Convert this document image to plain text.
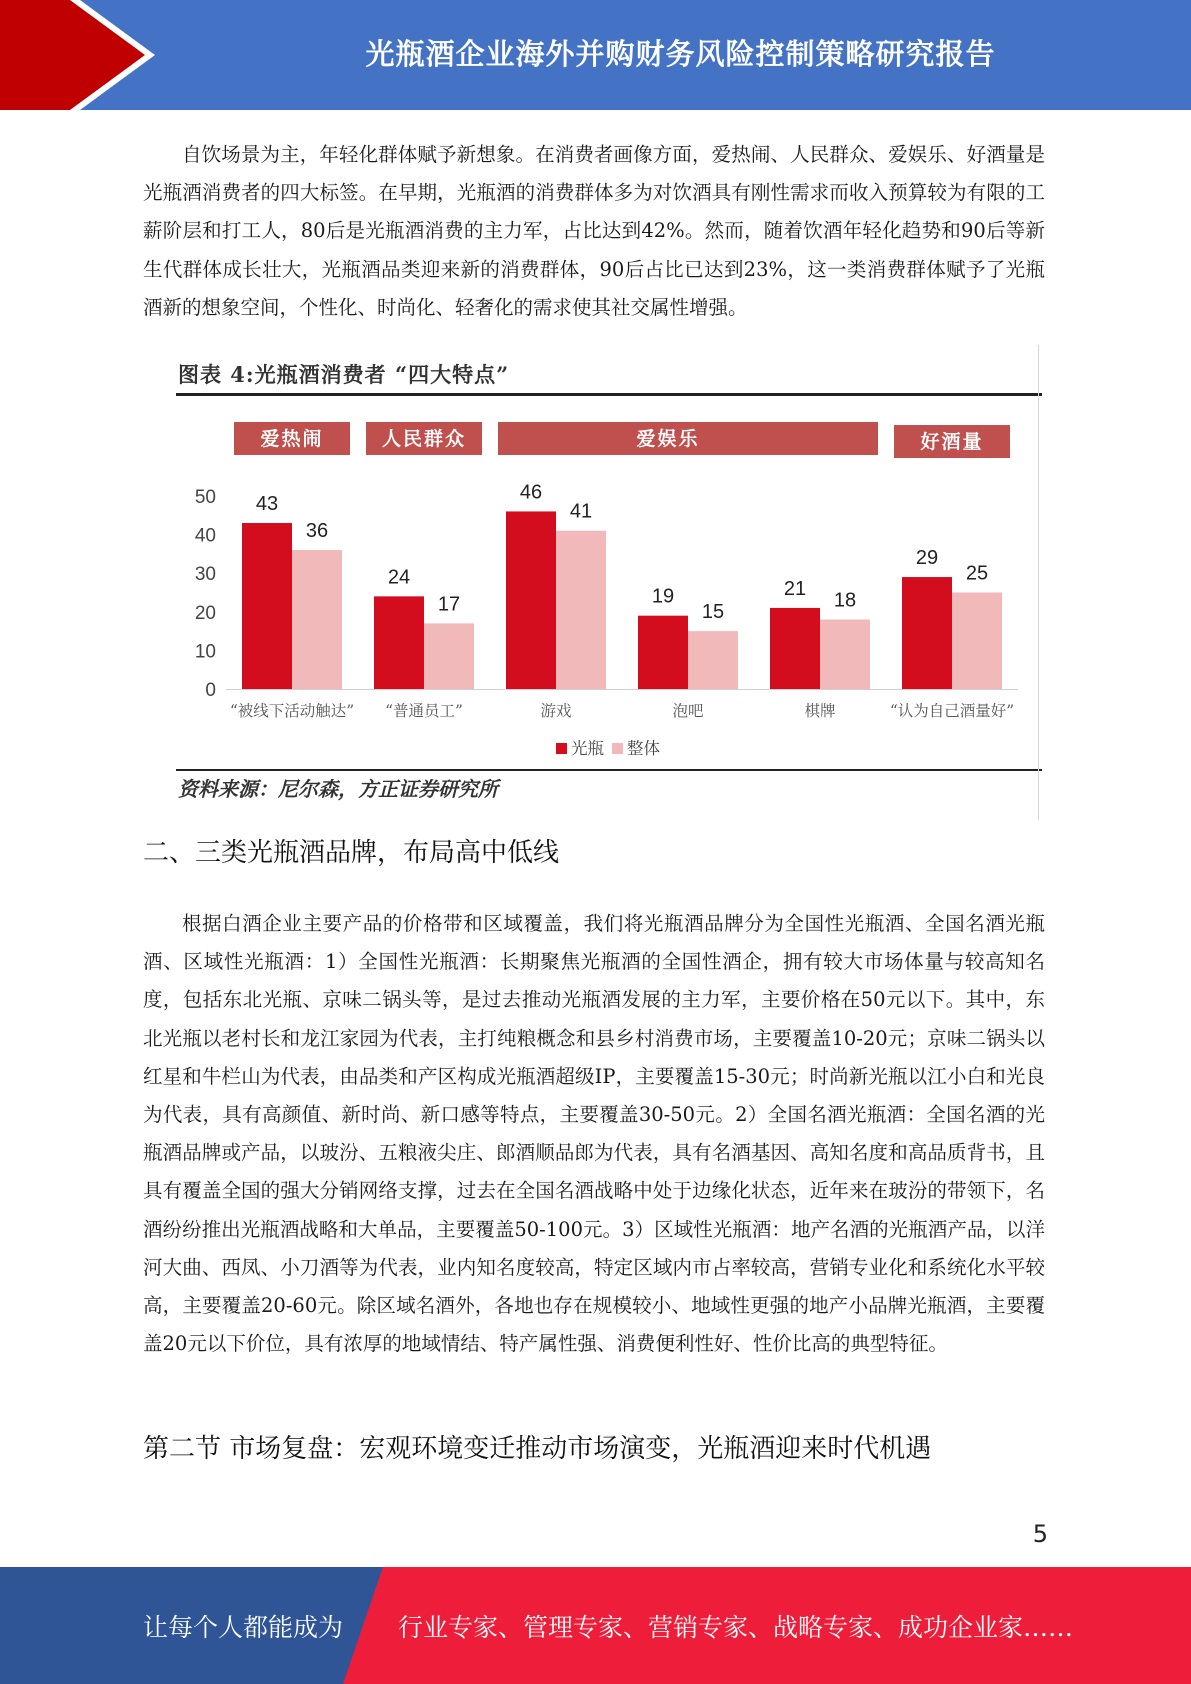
光瓶酒企业海外并购财务风险控制策略研究报告

自饮场景为主，年轻化群体赋予新想象。在消费者画像方面，爱热闹、人民群众、爱娱乐、好酒量是光瓶酒消费者的四大标签。在早期，光瓶酒的消费群体多为对饮酒具有刚性需求而收入预算较为有限的工薪阶层和打工人，80后是光瓶酒消费的主力军，占比达到42%。然而，随着饮酒年轻化趋势和90后等新生代群体成长壮大，光瓶酒品类迎来新的消费群体，90后占比已达到23%，这一类消费群体赋予了光瓶酒新的想象空间，个性化、时尚化、轻奢化的需求使其社交属性增强。

图表 4:光瓶酒消费者 “四大特点”
0
10
20
30
40
50 43
24
46
19	21
29
36
17
41
15
18
25
“被线下活动触达” “普通员工”	游戏	泡吧	棋牌	“认为自己酒量好”
爱热闹	人民群众	爱娱乐	好酒量
光瓶 整体
资料来源：尼尔森，方正证券研究所
二、三类光瓶酒品牌，布局高中低线

根据白酒企业主要产品的价格带和区域覆盖，我们将光瓶酒品牌分为全国性光瓶酒、全国名酒光瓶酒、区域性光瓶酒：1）全国性光瓶酒：长期聚焦光瓶酒的全国性酒企，拥有较大市场体量与较高知名度，包括东北光瓶、京味二锅头等，是过去推动光瓶酒发展的主力军，主要价格在50元以下。其中，东北光瓶以老村长和龙江家园为代表，主打纯粮概念和县乡村消费市场，主要覆盖10-20元；京味二锅头以红星和牛栏山为代表，由品类和产区构成光瓶酒超级IP，主要覆盖15-30元；时尚新光瓶以江小白和光良为代表，具有高颜值、新时尚、新口感等特点，主要覆盖30-50元。2）全国名酒光瓶酒：全国名酒的光瓶酒品牌或产品，以玻汾、五粮液尖庄、郎酒顺品郎为代表，具有名酒基因、高知名度和高品质背书，且具有覆盖全国的强大分销网络支撑，过去在全国名酒战略中处于边缘化状态，近年来在玻汾的带领下，名酒纷纷推出光瓶酒战略和大单品，主要覆盖50-100元。3）区域性光瓶酒：地产名酒的光瓶酒产品，以洋河大曲、西凤、小刀酒等为代表，业内知名度较高，特定区域内市占率较高，营销专业化和系统化水平较高，主要覆盖20-60元。除区域名酒外，各地也存在规模较小、地域性更强的地产小品牌光瓶酒，主要覆盖20元以下价位，具有浓厚的地域情结、特产属性强、消费便利性好、性价比高的典型特征。

第二节 市场复盘：宏观环境变迁推动市场演变，光瓶酒迎来时代机遇
5
让每个人都能成为 行业专家、管理专家、营销专家、战略专家、成功企业家……
